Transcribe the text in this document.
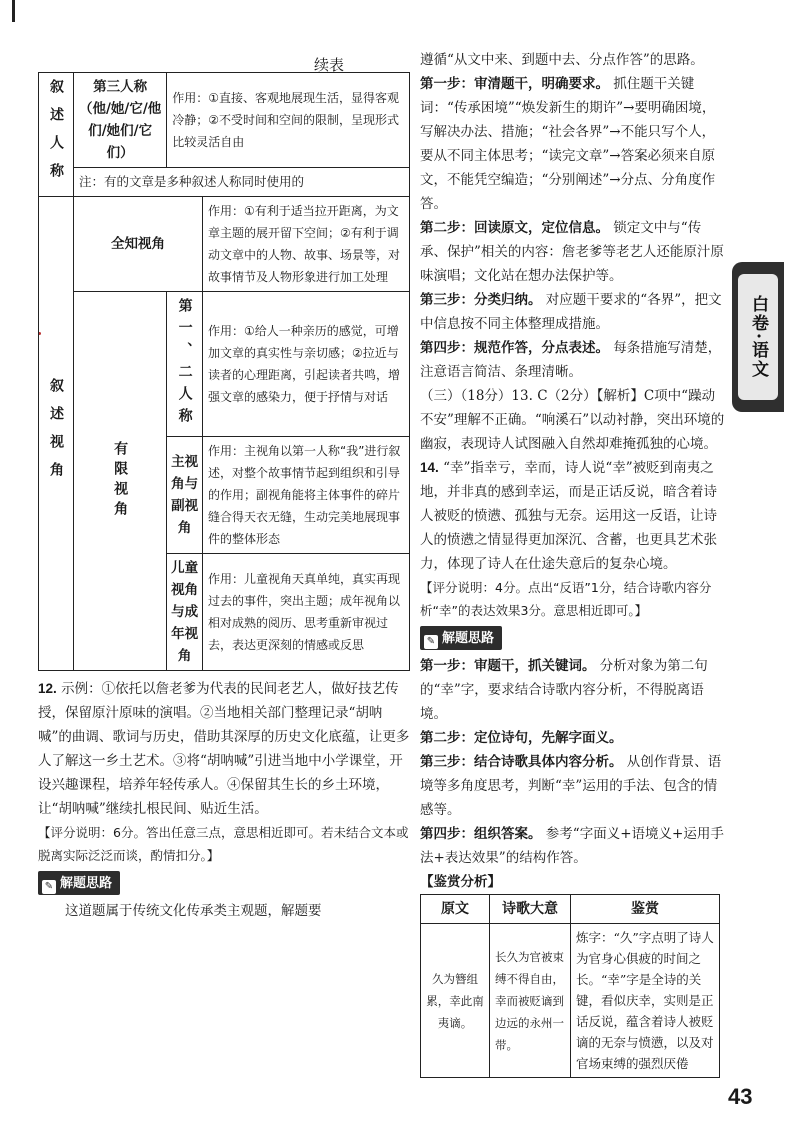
续表
叙述人称	第三人称（他/她/它/他们/她们/它们）	作用：①直接、客观地展现生活，显得客观冷静；②不受时间和空间的限制，呈现形式比较灵活自由	
	注：有的文章是多种叙述人称同时使用的		
叙述视角	全知视角		作用：①有利于适当拉开距离，为文章主题的展开留下空间；②有利于调动文章中的人物、故事、场景等，对故事情节及人物形象进行加工处理
	有限视角	第一、二人称	作用：①给人一种亲历的感觉，可增加文章的真实性与亲切感；②拉近与读者的心理距离，引起读者共鸣，增强文章的感染力，便于抒情与对话
		主视角与副视角	作用：主视角以第一人称“我”进行叙述，对整个故事情节起到组织和引导的作用；副视角能将主体事件的碎片缝合得天衣无缝，生动完美地展现事件的整体形态
		儿童视角与成年视角	作用：儿童视角天真单纯，真实再现过去的事件，突出主题；成年视角以相对成熟的阅历、思考重新审视过去，表达更深刻的情感或反思

12. 示例：①依托以詹老爹为代表的民间老艺人，做好技艺传授，保留原汁原味的演唱。②当地相关部门整理记录“胡呐喊”的曲调、歌词与历史，借助其深厚的历史文化底蕴，让更多人了解这一乡土艺术。③将“胡呐喊”引进当地中小学课堂，开设兴趣课程，培养年轻传承人。④保留其生长的乡土环境，让“胡呐喊”继续扎根民间、贴近生活。

【评分说明：6分。答出任意三点，意思相近即可。若未结合文本或脱离实际泛泛而谈，酌情扣分。】

✎ 解题思路

这道题属于传统文化传承类主观题，解题要

遵循“从文中来、到题中去、分点作答”的思路。

第一步：审清题干，明确要求。 抓住题干关键词：“传承困境”“焕发新生的期许”→要明确困境，写解决办法、措施；“社会各界”→不能只写个人，要从不同主体思考；“读完文章”→答案必须来自原文，不能凭空编造；“分别阐述”→分点、分角度作答。

第二步：回读原文，定位信息。 锁定文中与“传承、保护”相关的内容：詹老爹等老艺人还能原汁原味演唱；文化站在想办法保护等。

第三步：分类归纳。 对应题干要求的“各界”，把文中信息按不同主体整理成措施。

第四步：规范作答，分点表述。 每条措施写清楚，注意语言简洁、条理清晰。

（三）（18分）13. C（2分）【解析】C项中“躁动不安”理解不正确。“响溪石”以动衬静，突出环境的幽寂，表现诗人试图融入自然却难掩孤独的心境。

14. “幸”指幸亏，幸而，诗人说“幸”被贬到南夷之地，并非真的感到幸运，而是正话反说，暗含着诗人被贬的愤懑、孤独与无奈。运用这一反语，让诗人的愤懑之情显得更加深沉、含蓄，也更具艺术张力，体现了诗人在仕途失意后的复杂心境。

【评分说明：4分。点出“反语”1分，结合诗歌内容分析“幸”的表达效果3分。意思相近即可。】

✎ 解题思路

第一步：审题干，抓关键词。 分析对象为第二句的“幸”字，要求结合诗歌内容分析，不得脱离语境。

第二步：定位诗句，先解字面义。

第三步：结合诗歌具体内容分析。 从创作背景、语境等多角度思考，判断“幸”运用的手法、包含的情感等。

第四步：组织答案。 参考“字面义+语境义+运用手法+表达效果”的结构作答。

【鉴赏分析】

原文	诗歌大意	鉴赏
久为簪组累，幸此南夷谪。	长久为官被束缚不得自由，幸而被贬谪到边远的永州一带。	炼字：“久”字点明了诗人为官身心俱疲的时间之长。“幸”字是全诗的关键，看似庆幸，实则是正话反说，蕴含着诗人被贬谪的无奈与愤懑，以及对官场束缚的强烈厌倦
白卷·语文
43
